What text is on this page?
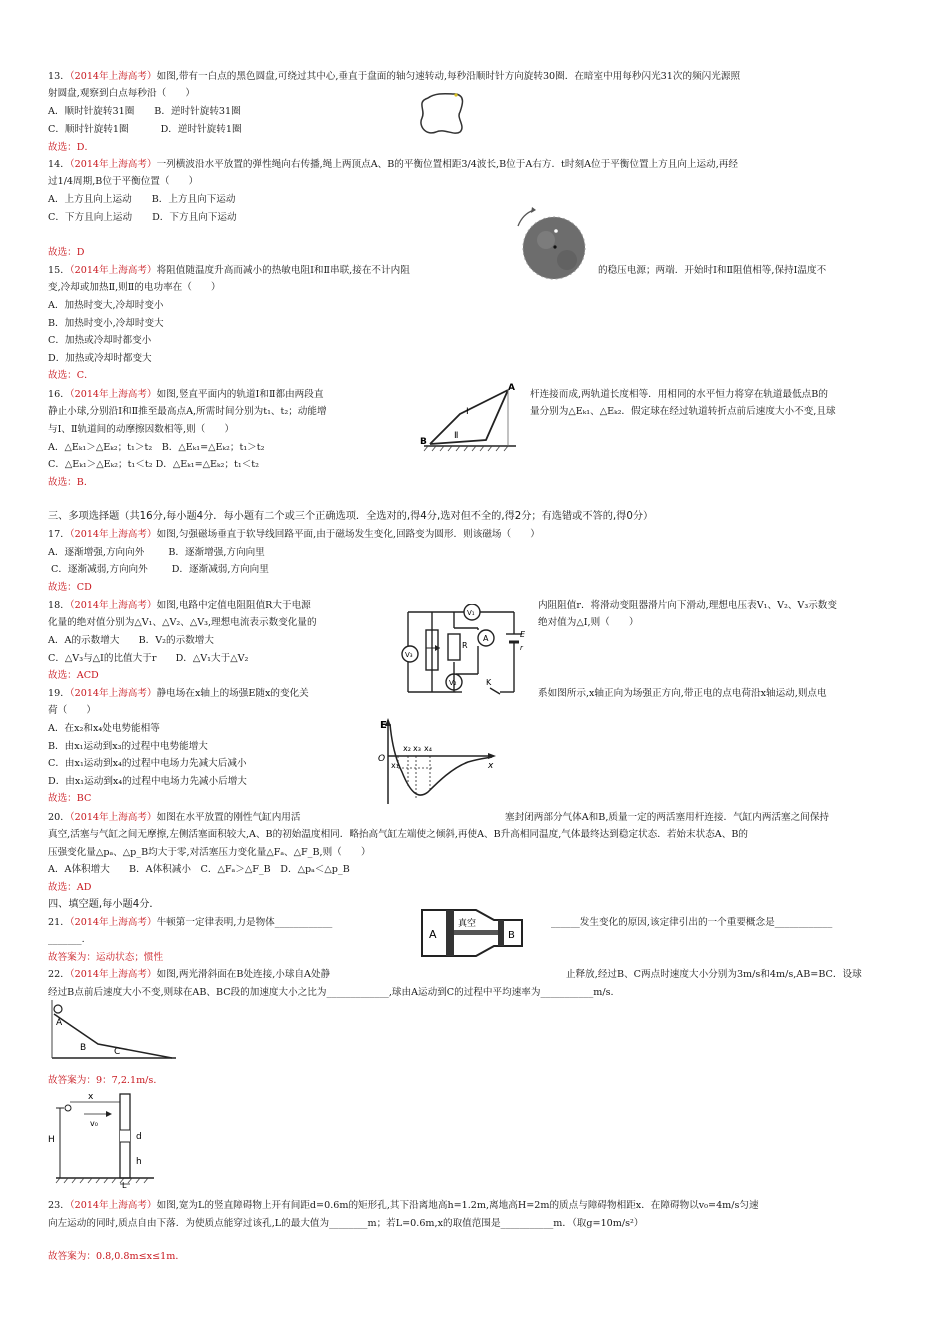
13．（2014年上海高考）如图,带有一白点的黑色圆盘,可绕过其中心,垂直于盘面的轴匀速转动,每秒沿顺时针方向旋转30圈．在暗室中用每秒闪光31次的频闪光源照
射圆盘,观察到白点每秒沿（　　）
A．顺时针旋转31圈 B．逆时针旋转31圈
C．顺时针旋转1圈	D．逆时针旋转1圈
故选：D．
14．（2014年上海高考）一列横波沿水平放置的弹性绳向右传播,绳上两顶点A、B的平衡位置相距3/4波长,B位于A右方．t时刻A位于平衡位置上方且向上运动,再经
过1/4周期,B位于平衡位置（　　）
A．上方且向上运动 B．上方且向下运动
C．下方且向上运动 D．下方且向下运动
故选：D
15．（2014年上海高考）将阻值随温度升高而减小的热敏电阻Ⅰ和Ⅱ串联,接在不计内阻	的稳压电源；两端．开始时Ⅰ和Ⅱ阻值相等,保持Ⅰ温度不
变,冷却或加热Ⅱ,则Ⅱ的电功率在（　　）
A．加热时变大,冷却时变小
B．加热时变小,冷却时变大
C．加热或冷却时都变小
D．加热或冷却时都变大
故选：C．
16．（2014年上海高考）如图,竖直平面内的轨道Ⅰ和Ⅱ都由两段直	杆连接而成,两轨道长度相等．用相同的水平恒力将穿在轨道最低点B的
静止小球,分别沿Ⅰ和Ⅱ推至最高点A,所需时间分别为t₁、t₂；动能增	量分别为△Eₖ₁、△Eₖ₂．假定球在经过轨道转折点前后速度大小不变,且球
与Ⅰ、Ⅱ轨道间的动摩擦因数相等,则（　　）
A．△Eₖ₁＞△Eₖ₂；t₁＞t₂　B．△Eₖ₁=△Eₖ₂；t₁＞t₂
C．△Eₖ₁＞△Eₖ₂；t₁＜t₂ D．△Eₖ₁=△Eₖ₂；t₁＜t₂
故选：B．
A
B
Ⅰ
Ⅱ
三、多项选择题（共16分,每小题4分．每小题有二个或三个正确选项．全选对的,得4分,选对但不全的,得2分；有选错或不答的,得0分）
17．（2014年上海高考）如图,匀强磁场垂直于软导线回路平面,由于磁场发生变化,回路变为圆形．则该磁场（　　）
A．逐渐增强,方向向外	B．逐渐增强,方向向里
C．逐渐减弱,方向向外	D．逐渐减弱,方向向里
故选：CD
18．（2014年上海高考）如图,电路中定值电阻阻值R大于电源	内阻阻值r．将滑动变阻器滑片向下滑动,理想电压表V₁、V₂、V₃示数变
化量的绝对值分别为△V₁、△V₂、△V₃,理想电流表示数变化量的	绝对值为△I,则（　　）
A．A的示数增大　　B．V₂的示数增大
C．△V₃与△I的比值大于r　　D．△V₁大于△V₂
故选：ACD
V₁
A
V₃
V₂
R
E
r
K
19．（2014年上海高考）静电场在x轴上的场强E随x的变化关	系如图所示,x轴正向为场强正方向,带正电的点电荷沿x轴运动,则点电
荷（　　）
A．在x₂和x₄处电势能相等
B．由x₁运动到x₃的过程中电势能增大
C．由x₁运动到x₄的过程中电场力先减大后减小
D．由x₁运动到x₄的过程中电场力先减小后增大
故选：BC
E
O
x
x₁
x₂ x₃ x₄
20．（2014年上海高考）如图在水平放置的刚性气缸内用活	塞封闭两部分气体A和B,质量一定的两活塞用杆连接．气缸内两活塞之间保持
真空,活塞与气缸之间无摩擦,左侧活塞面积较大,A、B的初始温度相同．略抬高气缸左端使之倾斜,再使A、B升高相同温度,气体最终达到稳定状态．若始末状态A、B的
压强变化量△pₐ、△p_B均大于零,对活塞压力变化量△Fₐ、△F_B,则（　　）
A．A体积增大　　B．A体积减小　C．△Fₐ＞△F_B　D．△pₐ＜△p_B
故选：AD
四、填空题,每小题4分．
21．（2014年上海高考）牛顿第一定律表明,力是物体____________	______发生变化的原因,该定律引出的一个重要概念是____________
_______.
故答案为：运动状态；惯性
A
真空
B
22．（2014年上海高考）如图,两光滑斜面在B处连接,小球自A处静	止释放,经过B、C两点时速度大小分别为3m/s和4m/s,AB=BC．设球
经过B点前后速度大小不变,则球在AB、BC段的加速度大小之比为_____________,球由A运动到C的过程中平均速率为___________m/s.
A
B	C
故答案为：9：7,2.1m/s．
x
v₀
H	d
h
L
23．（2014年上海高考）如图,宽为L的竖直障碍物上开有间距d=0.6m的矩形孔,其下沿离地高h=1.2m,离地高H=2m的质点与障碍物相距x．在障碍物以v₀=4m/s匀速
向左运动的同时,质点自由下落．为使质点能穿过该孔,L的最大值为________m；若L=0.6m,x的取值范围是___________m．（取g=10m/s²）
故答案为：0.8,0.8m≤x≤1m．
